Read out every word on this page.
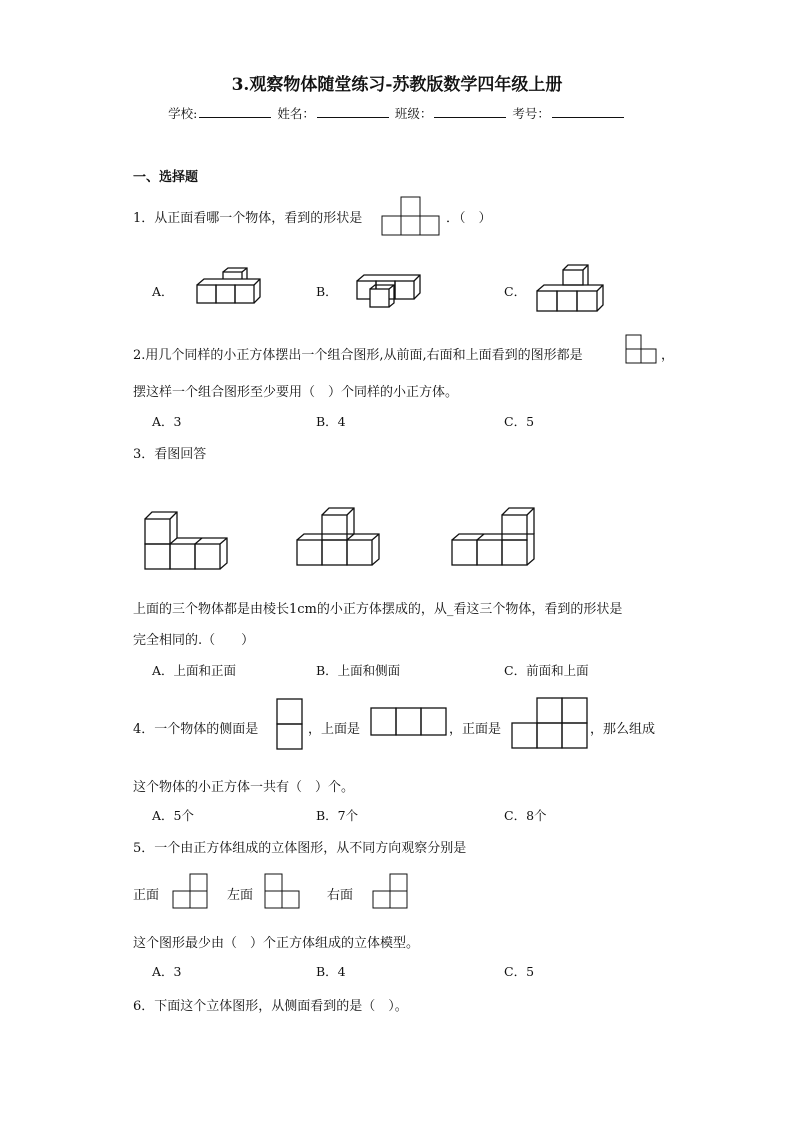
3.观察物体随堂练习-苏教版数学四年级上册
学校:	姓名：	班级：	考号：
一、选择题
1．从正面看哪一个物体，看到的形状是	．（　）
A．	B．	C．
2.用几个同样的小正方体摆出一个组合图形,从前面,右面和上面看到的图形都是	，
摆这样一个组合图形至少要用（　）个同样的小正方体。
A．3	B．4	C．5
3．看图回答
上面的三个物体都是由棱长1cm的小正方体摆成的，从_看这三个物体，看到的形状是
完全相同的.（　　）
A．上面和正面	B．上面和侧面	C．前面和上面
4．一个物体的侧面是	，上面是	，正面是	，那么组成
这个物体的小正方体一共有（　）个。
A．5个	B．7个	C．8个
5．一个由正方体组成的立体图形，从不同方向观察分别是
正面	左面	右面
这个图形最少由（　）个正方体组成的立体模型。
A．3	B．4	C．5
6．下面这个立体图形，从侧面看到的是（　）。
